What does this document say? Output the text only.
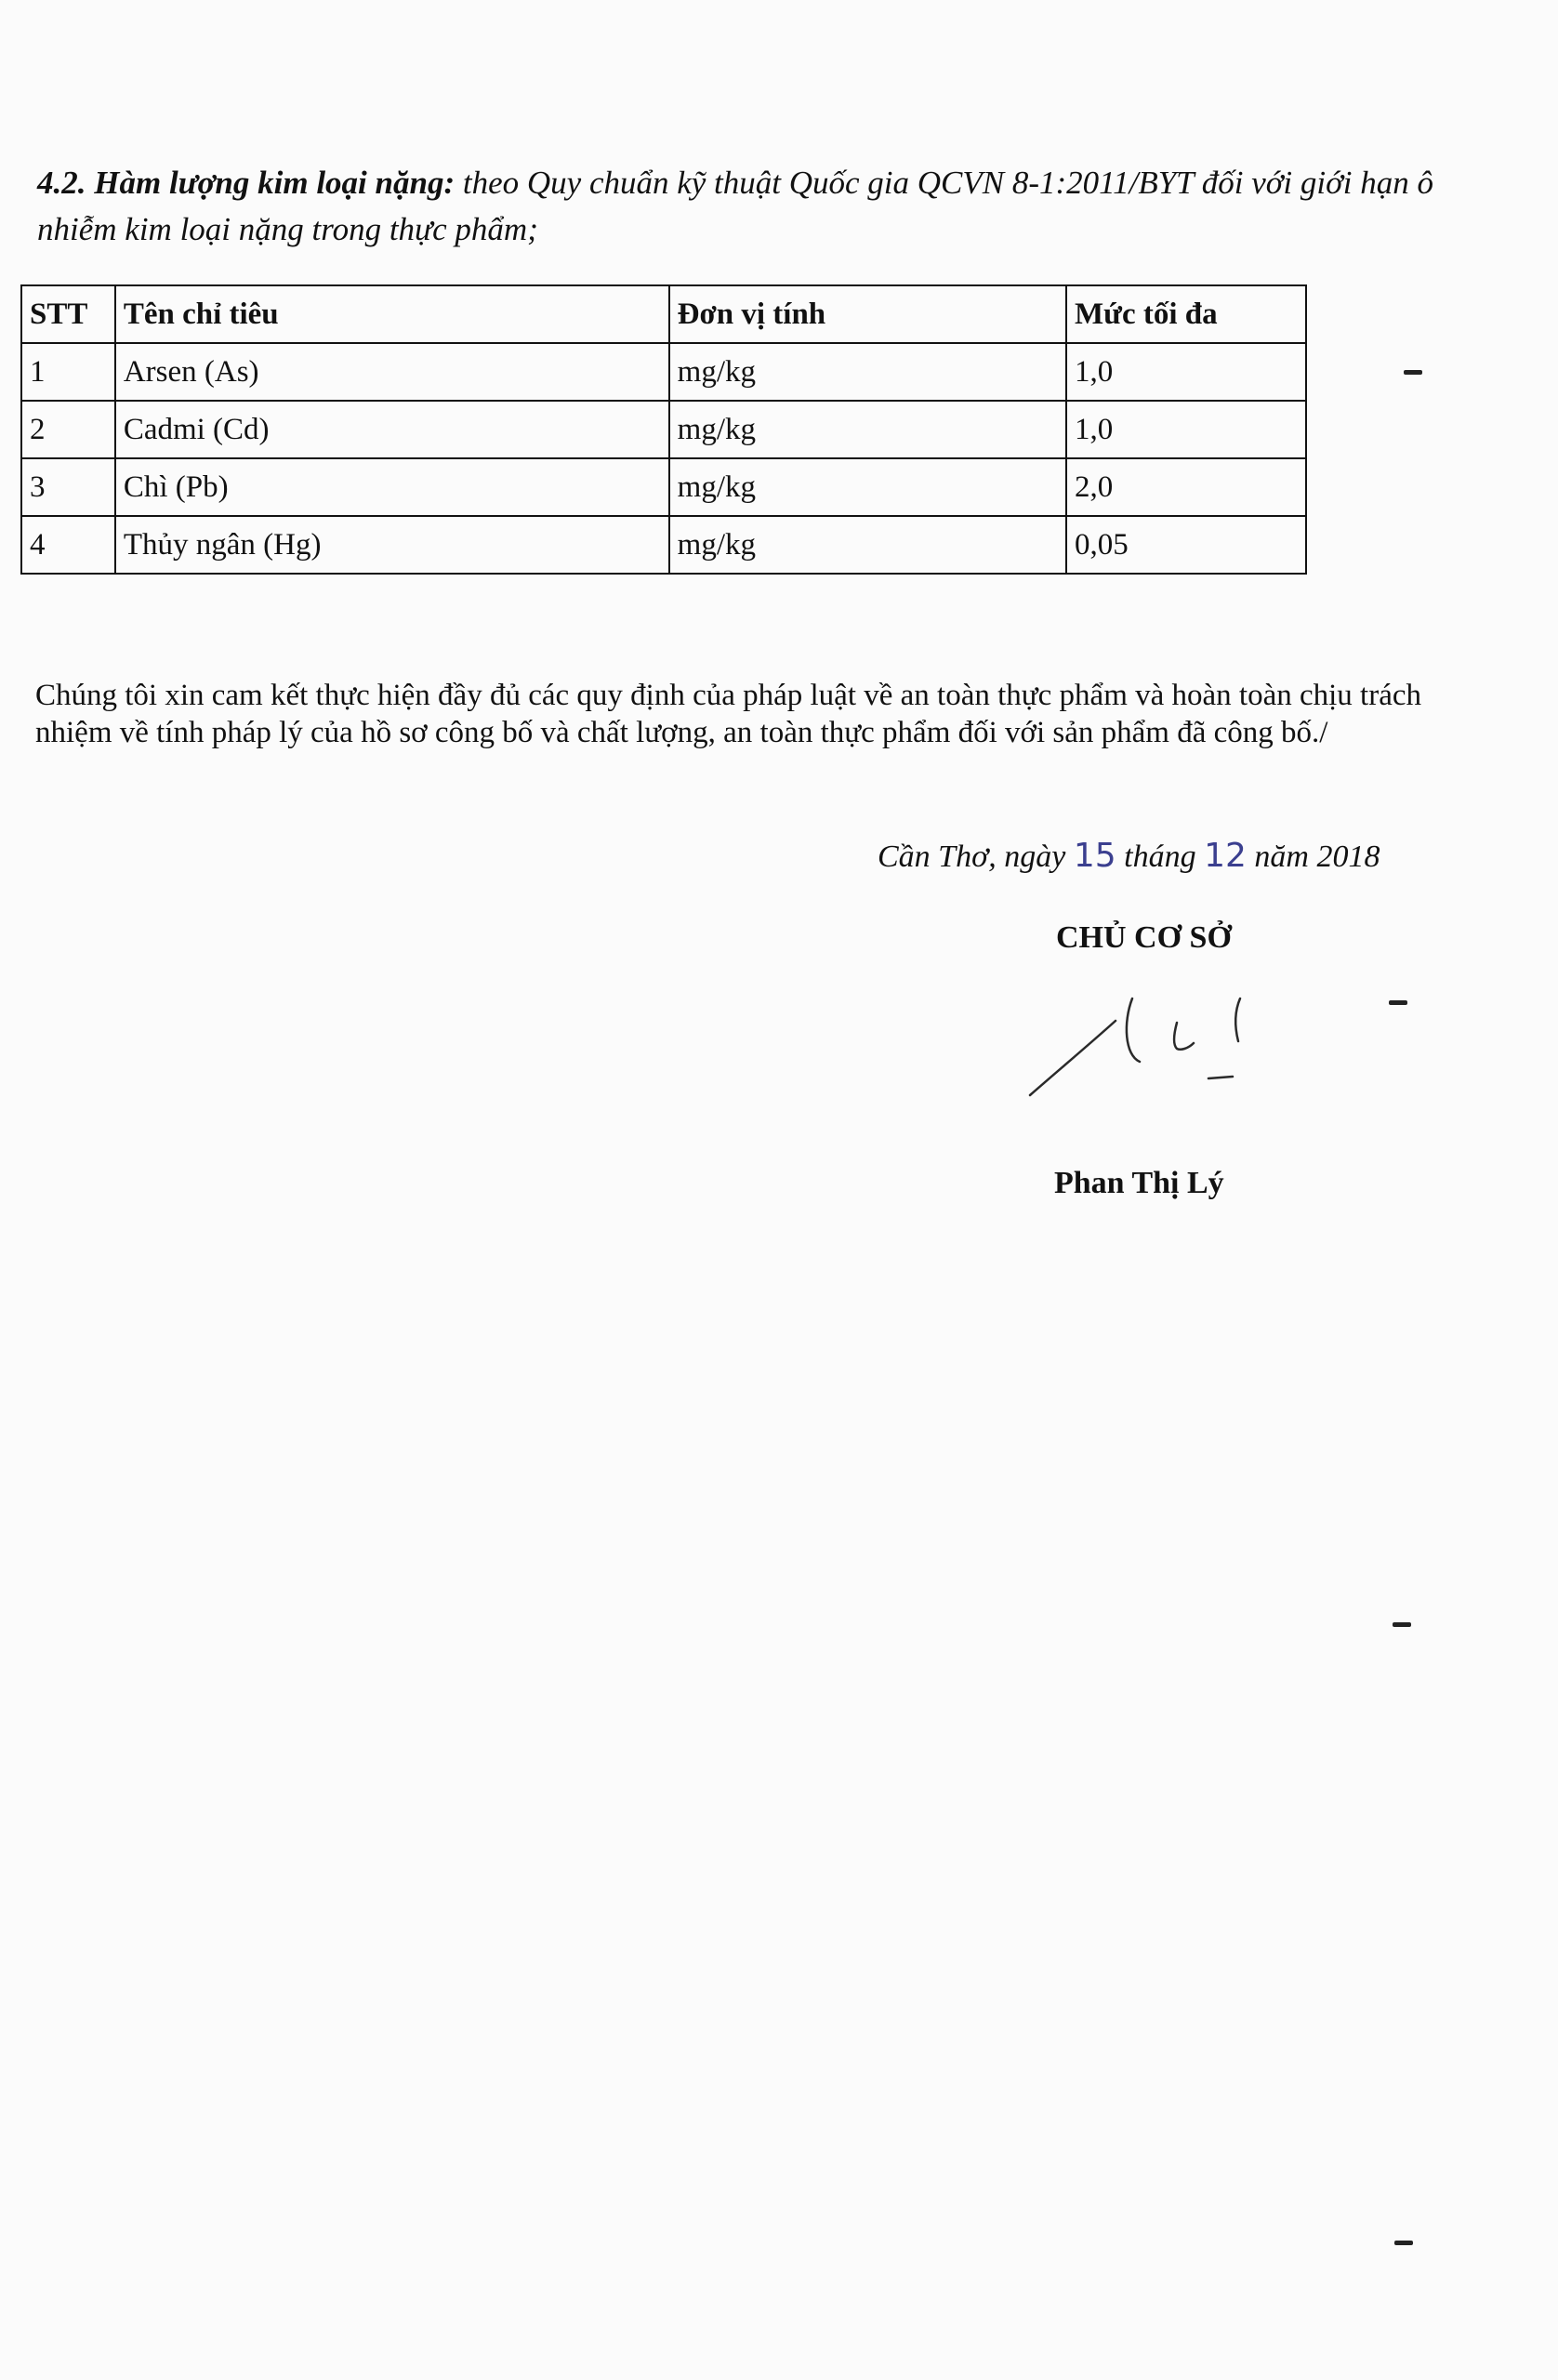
4.2. Hàm lượng kim loại nặng: theo Quy chuẩn kỹ thuật Quốc gia QCVN 8-1:2011/BYT đối với giới hạn ô nhiễm kim loại nặng trong thực phẩm;
STT	Tên chỉ tiêu	Đơn vị tính	Mức tối đa
1	Arsen (As)	mg/kg	1,0
2	Cadmi (Cd)	mg/kg	1,0
3	Chì (Pb)	mg/kg	2,0
4	Thủy ngân (Hg)	mg/kg	0,05
Chúng tôi xin cam kết thực hiện đầy đủ các quy định của pháp luật về an toàn thực phẩm và hoàn toàn chịu trách nhiệm về tính pháp lý của hồ sơ công bố và chất lượng, an toàn thực phẩm đối với sản phẩm đã công bố./
Cần Thơ, ngày 15 tháng 12 năm 2018
CHỦ CƠ SỞ
Phan Thị Lý
